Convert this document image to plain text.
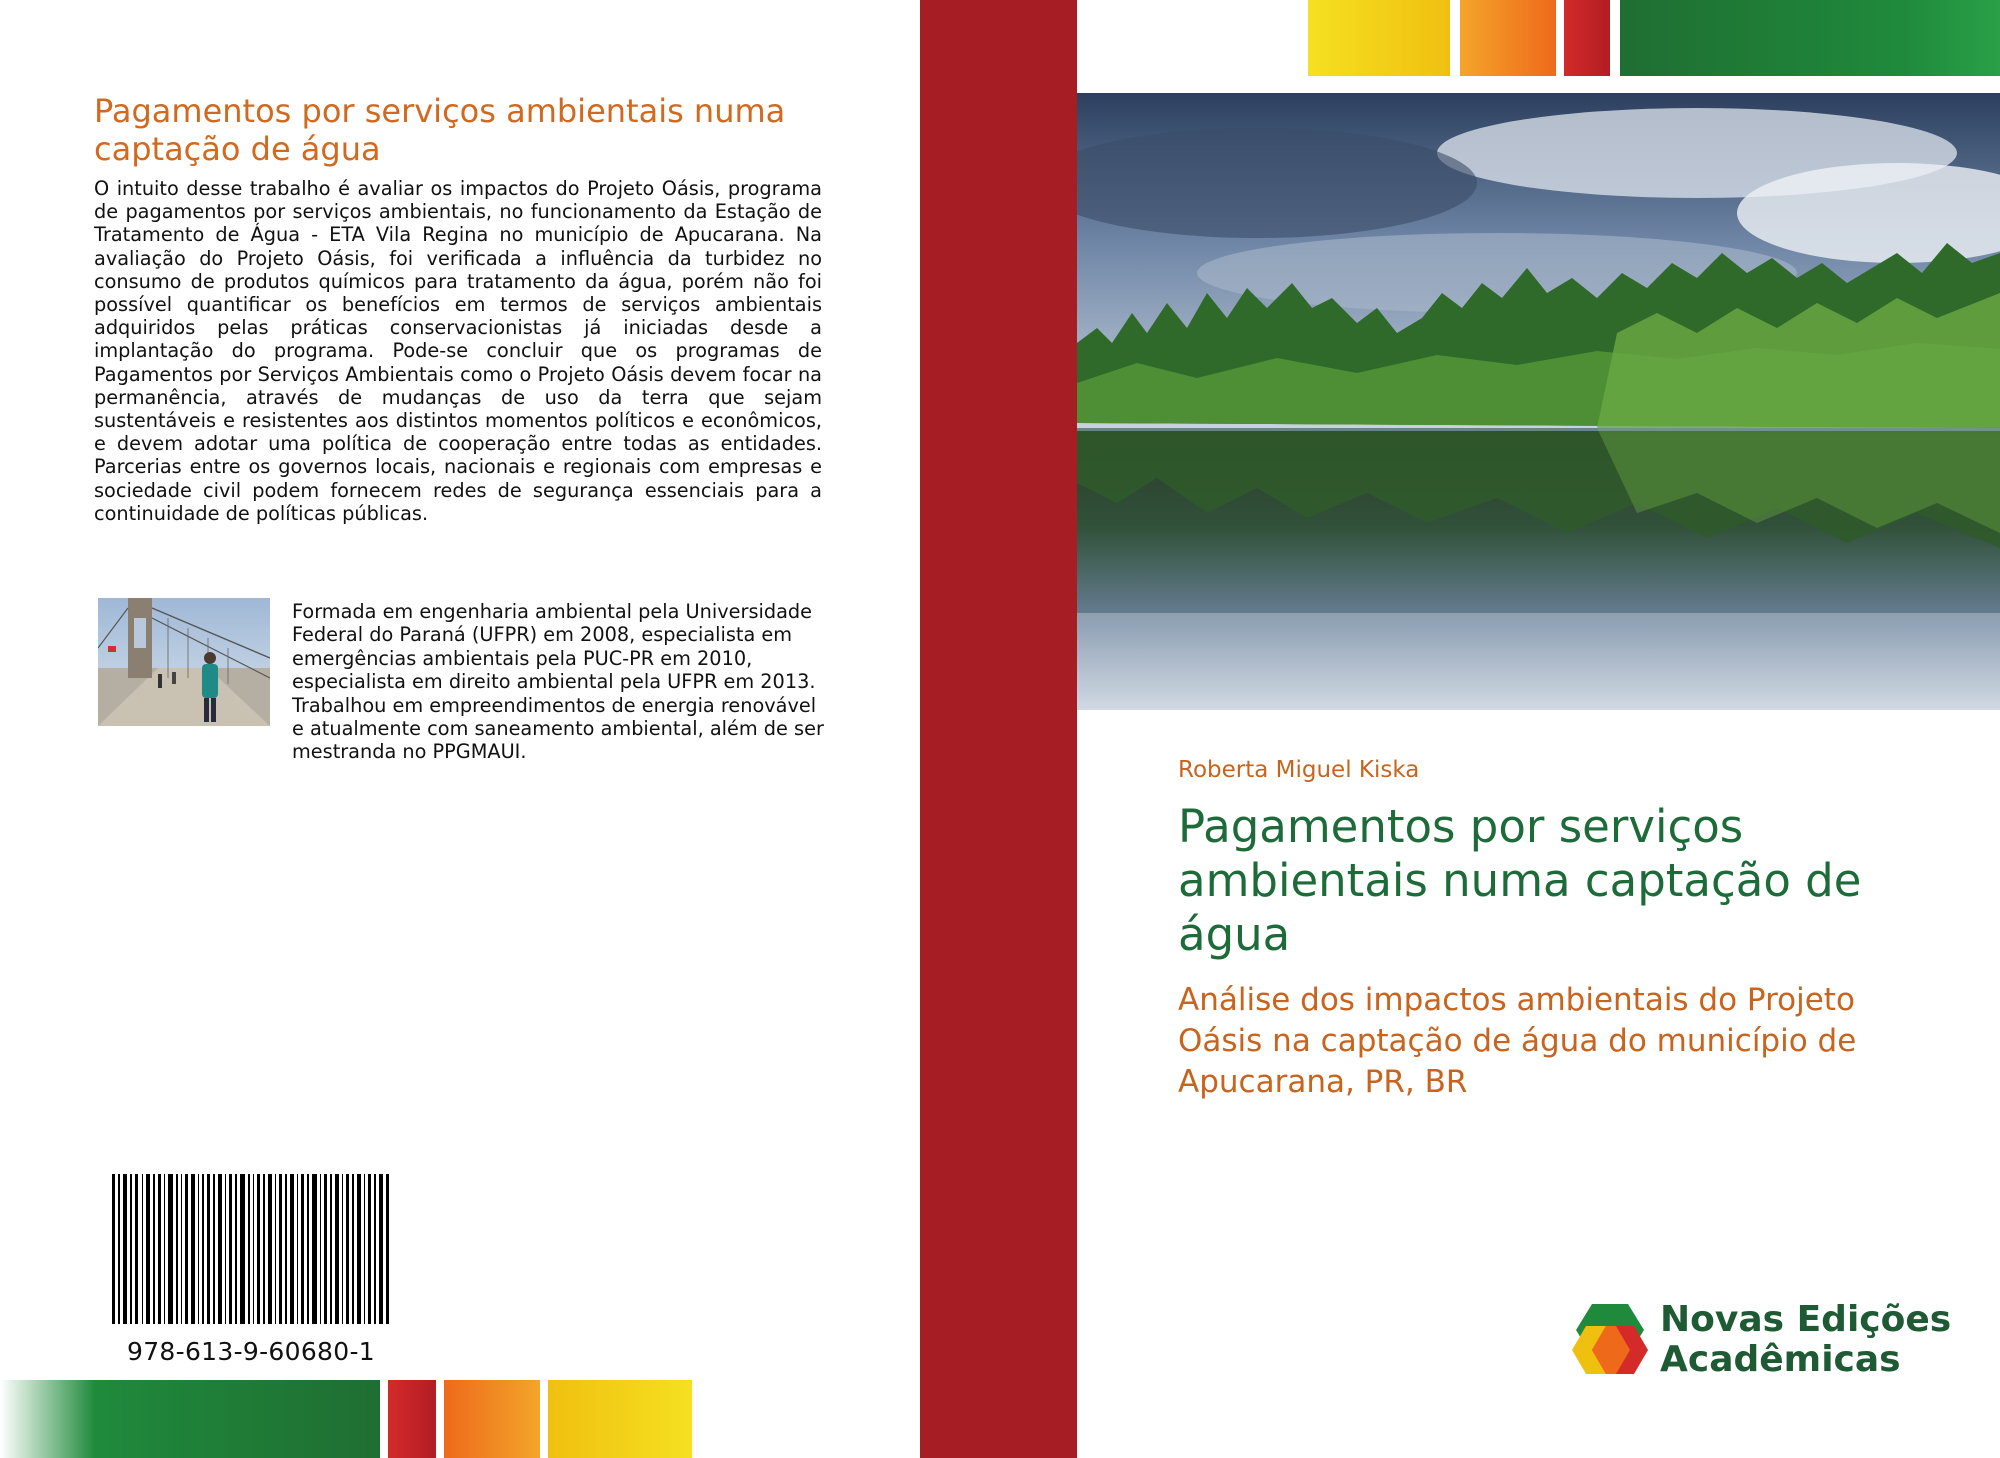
Pagamentos por serviços ambientais numa captação de água
O intuito desse trabalho é avaliar os impactos do Projeto Oásis, programa de pagamentos por serviços ambientais, no funcionamento da Estação de Tratamento de Água - ETA Vila Regina no município de Apucarana. Na avaliação do Projeto Oásis, foi verificada a influência da turbidez no consumo de produtos químicos para tratamento da água, porém não foi possível quantificar os benefícios em termos de serviços ambientais adquiridos pelas práticas conservacionistas já iniciadas desde a implantação do programa. Pode-se concluir que os programas de Pagamentos por Serviços Ambientais como o Projeto Oásis devem focar na permanência, através de mudanças de uso da terra que sejam sustentáveis e resistentes aos distintos momentos políticos e econômicos, e devem adotar uma política de cooperação entre todas as entidades. Parcerias entre os governos locais, nacionais e regionais com empresas e sociedade civil podem fornecem redes de segurança essenciais para a continuidade de políticas públicas.
Formada em engenharia ambiental pela Universidade Federal do Paraná (UFPR) em 2008, especialista em emergências ambientais pela PUC-PR em 2010, especialista em direito ambiental pela UFPR em 2013. Trabalhou em empreendimentos de energia renovável e atualmente com saneamento ambiental, além de ser mestranda no PPGMAUI.
978-613-9-60680-1
Roberta Miguel Kiska
Pagamentos por serviços ambientais numa captação de água
Análise dos impactos ambientais do Projeto Oásis na captação de água do município de Apucarana, PR, BR
Novas Edições
Acadêmicas
